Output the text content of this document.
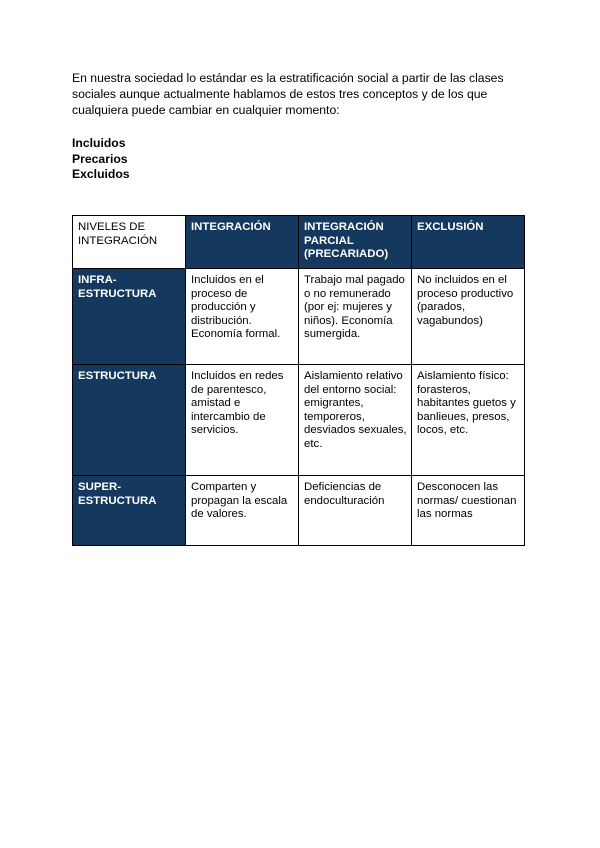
En nuestra sociedad lo estándar es la estratificación social a partir de las clases sociales aunque actualmente hablamos de estos tres conceptos y de los que cualquiera puede cambiar en cualquier momento:

Incluidos
Precarios
Excluidos
NIVELES DE INTEGRACIÓN	INTEGRACIÓN	INTEGRACIÓN PARCIAL (PRECARIADO)	EXCLUSIÓN
INFRA-ESTRUCTURA	Incluidos en el proceso de producción y distribución. Economía formal.	Trabajo mal pagado o no remunerado (por ej: mujeres y niños). Economía sumergida.	No incluidos en el proceso productivo (parados, vagabundos)
ESTRUCTURA	Incluidos en redes de parentesco, amistad e intercambio de servicios.	Aislamiento relativo del entorno social: emigrantes, temporeros, desviados sexuales, etc.	Aislamiento físico: forasteros, habitantes guetos y banlieues, presos, locos, etc.
SUPER-ESTRUCTURA	Comparten y propagan la escala de valores.	Deficiencias de endoculturación	Desconocen las normas/ cuestionan las normas
